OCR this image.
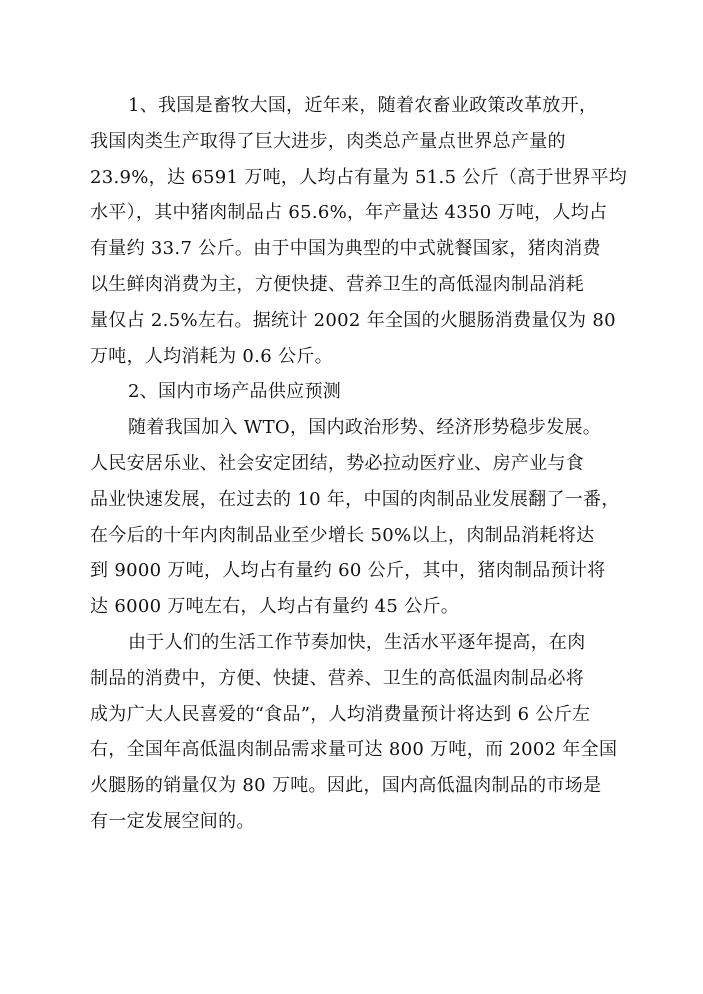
1、我国是畜牧大国，近年来，随着农畜业政策改革放开，
我国肉类生产取得了巨大进步，肉类总产量点世界总产量的
23.9%，达 6591 万吨，人均占有量为 51.5 公斤（高于世界平均
水平），其中猪肉制品占 65.6%，年产量达 4350 万吨，人均占
有量约 33.7 公斤。由于中国为典型的中式就餐国家，猪肉消费
以生鲜肉消费为主，方便快捷、营养卫生的高低湿肉制品消耗
量仅占 2.5%左右。据统计 2002 年全国的火腿肠消费量仅为 80
万吨，人均消耗为 0.6 公斤。
2、国内市场产品供应预测
随着我国加入 WTO，国内政治形势、经济形势稳步发展。
人民安居乐业、社会安定团结，势必拉动医疗业、房产业与食
品业快速发展，在过去的 10 年，中国的肉制品业发展翻了一番，
在今后的十年内肉制品业至少增长 50%以上，肉制品消耗将达
到 9000 万吨，人均占有量约 60 公斤，其中，猪肉制品预计将
达 6000 万吨左右，人均占有量约 45 公斤。
由于人们的生活工作节奏加快，生活水平逐年提高，在肉
制品的消费中，方便、快捷、营养、卫生的高低温肉制品必将
成为广大人民喜爱的“食品”，人均消费量预计将达到 6 公斤左
右，全国年高低温肉制品需求量可达 800 万吨，而 2002 年全国
火腿肠的销量仅为 80 万吨。因此，国内高低温肉制品的市场是
有一定发展空间的。
